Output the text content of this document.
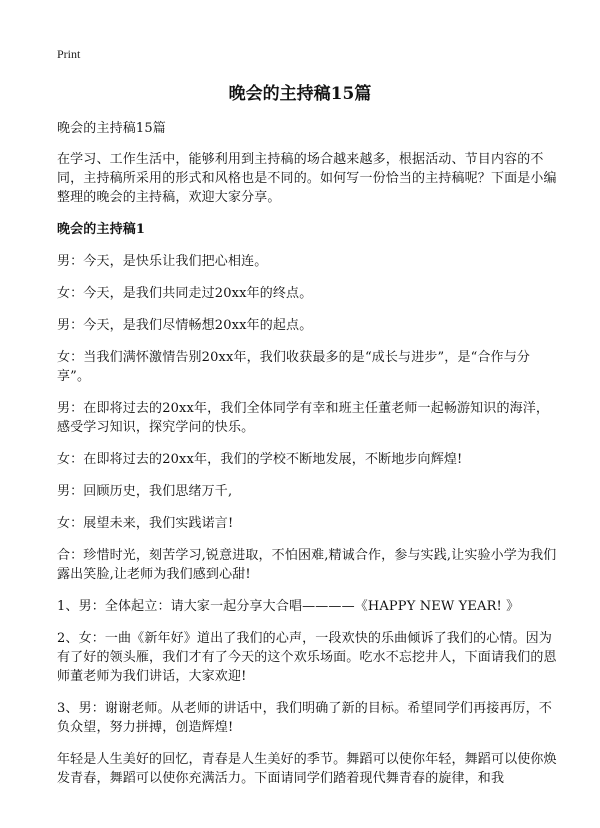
Print
晚会的主持稿15篇

晚会的主持稿15篇

在学习、工作生活中，能够利用到主持稿的场合越来越多，根据活动、节目内容的不同，主持稿所采用的形式和风格也是不同的。如何写一份恰当的主持稿呢？下面是小编整理的晚会的主持稿，欢迎大家分享。

晚会的主持稿1

男：今天，是快乐让我们把心相连。

女：今天，是我们共同走过20xx年的终点。

男：今天，是我们尽情畅想20xx年的起点。

女：当我们满怀激情告别20xx年，我们收获最多的是“成长与进步”，是“合作与分享”。

男：在即将过去的20xx年，我们全体同学有幸和班主任董老师一起畅游知识的海洋，感受学习知识，探究学问的快乐。

女：在即将过去的20xx年，我们的学校不断地发展，不断地步向辉煌!

男：回顾历史，我们思绪万千,

女：展望未来，我们实践诺言!

合：珍惜时光，刻苦学习,锐意进取，不怕困难,精诚合作，参与实践,让实验小学为我们露出笑脸,让老师为我们感到心甜!

1、男：全体起立：请大家一起分享大合唱————《HAPPY NEW YEAR! 》

2、女：一曲《新年好》道出了我们的心声，一段欢快的乐曲倾诉了我们的心情。因为有了好的领头雁，我们才有了今天的这个欢乐场面。吃水不忘挖井人，下面请我们的恩师董老师为我们讲话，大家欢迎!

3、男：谢谢老师。从老师的讲话中，我们明确了新的目标。希望同学们再接再厉，不负众望，努力拼搏，创造辉煌!

年轻是人生美好的回忆，青春是人生美好的季节。舞蹈可以使你年轻，舞蹈可以使你焕发青春，舞蹈可以使你充满活力。下面请同学们踏着现代舞青春的旋律，和我
